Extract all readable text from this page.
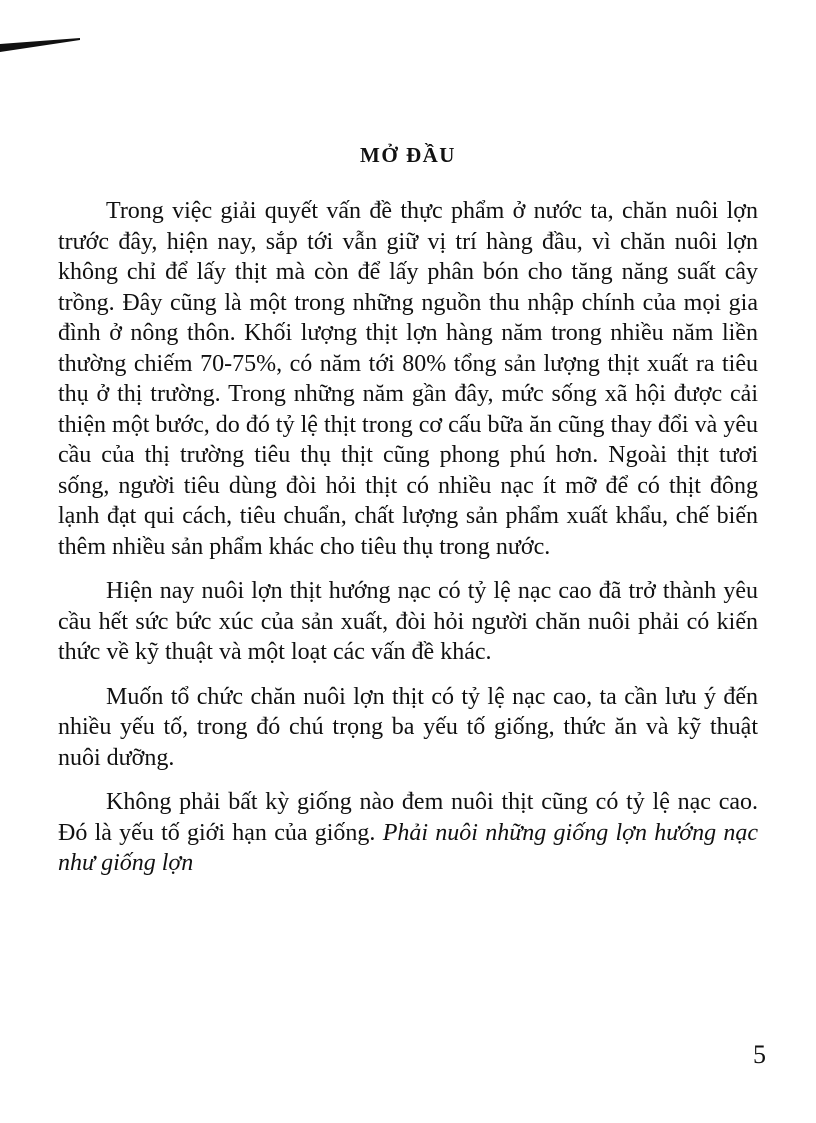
MỞ ĐẦU

Trong việc giải quyết vấn đề thực phẩm ở nước ta, chăn nuôi lợn trước đây, hiện nay, sắp tới vẫn giữ vị trí hàng đầu, vì chăn nuôi lợn không chỉ để lấy thịt mà còn để lấy phân bón cho tăng năng suất cây trồng. Đây cũng là một trong những nguồn thu nhập chính của mọi gia đình ở nông thôn. Khối lượng thịt lợn hàng năm trong nhiều năm liền thường chiếm 70-75%, có năm tới 80% tổng sản lượng thịt xuất ra tiêu thụ ở thị trường. Trong những năm gần đây, mức sống xã hội được cải thiện một bước, do đó tỷ lệ thịt trong cơ cấu bữa ăn cũng thay đổi và yêu cầu của thị trường tiêu thụ thịt cũng phong phú hơn. Ngoài thịt tươi sống, người tiêu dùng đòi hỏi thịt có nhiều nạc ít mỡ để có thịt đông lạnh đạt qui cách, tiêu chuẩn, chất lượng sản phẩm xuất khẩu, chế biến thêm nhiều sản phẩm khác cho tiêu thụ trong nước.

Hiện nay nuôi lợn thịt hướng nạc có tỷ lệ nạc cao đã trở thành yêu cầu hết sức bức xúc của sản xuất, đòi hỏi người chăn nuôi phải có kiến thức về kỹ thuật và một loạt các vấn đề khác.

Muốn tổ chức chăn nuôi lợn thịt có tỷ lệ nạc cao, ta cần lưu ý đến nhiều yếu tố, trong đó chú trọng ba yếu tố giống, thức ăn và kỹ thuật nuôi dưỡng.

Không phải bất kỳ giống nào đem nuôi thịt cũng có tỷ lệ nạc cao. Đó là yếu tố giới hạn của giống. Phải nuôi những giống lợn hướng nạc như giống lợn

5
